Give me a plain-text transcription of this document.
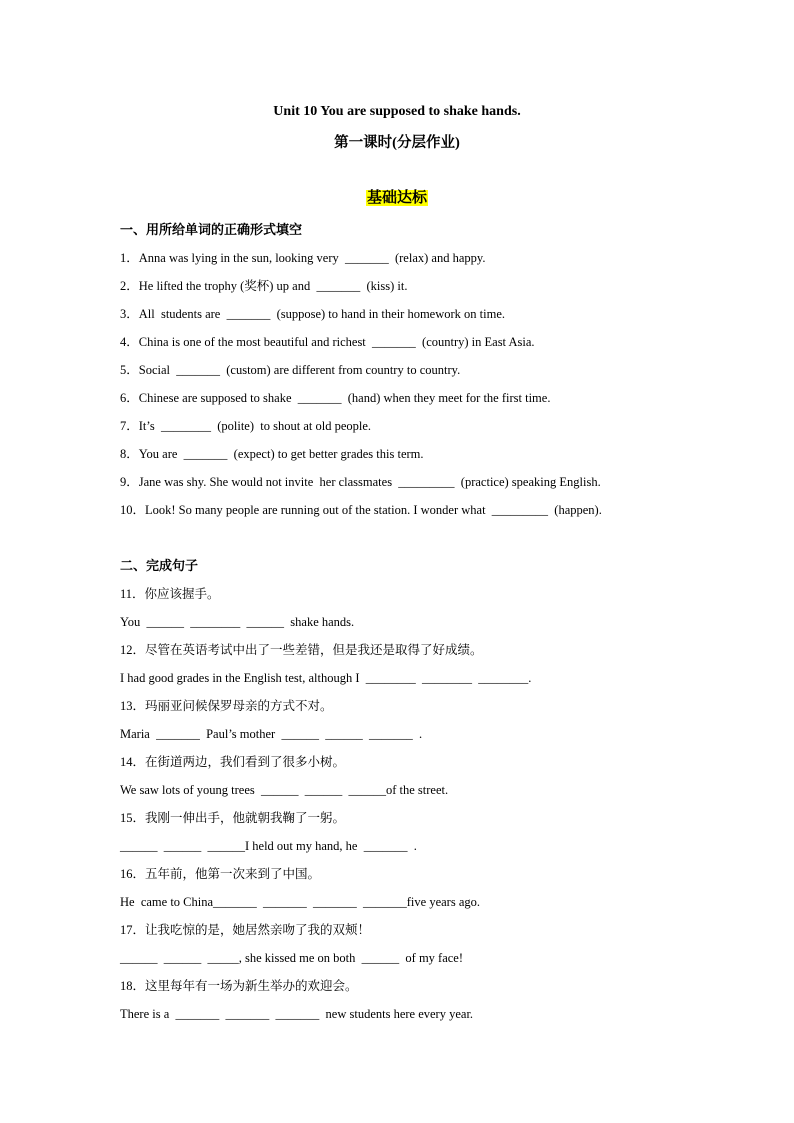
Unit 10 You are supposed to shake hands.
第一课时(分层作业)
基础达标
一、用所给单词的正确形式填空
1．Anna was lying in the sun, looking very  _______  (relax) and happy.
2．He lifted the trophy (奖杯) up and  _______  (kiss) it.
3．All  students are  _______  (suppose) to hand in their homework on time.
4．China is one of the most beautiful and richest  _______  (country) in East Asia.
5．Social  _______  (custom) are different from country to country.
6．Chinese are supposed to shake  _______  (hand) when they meet for the first time.
7．It’s  ________  (polite)  to shout at old people.
8．You are  _______  (expect) to get better grades this term.
9．Jane was shy. She would not invite  her classmates  _________  (practice) speaking English.
10．Look! So many people are running out of the station. I wonder what  _________  (happen).
二、完成句子
11．你应该握手。
You  ______  ________  ______  shake hands.
12．尽管在英语考试中出了一些差错，但是我还是取得了好成绩。
I had good grades in the English test, although I  ________  ________  ________.
13．玛丽亚问候保罗母亲的方式不对。
Maria  _______  Paul’s mother  ______  ______  _______  .
14．在街道两边，我们看到了很多小树。
We saw lots of young trees  ______  ______  ______of the street.
15．我刚一伸出手，他就朝我鞠了一躬。
______  ______  ______I held out my hand, he  _______  .
16．五年前，他第一次来到了中国。
He  came to China_______  _______  _______  _______five years ago.
17．让我吃惊的是，她居然亲吻了我的双颊！
______  ______  _____, she kissed me on both  ______  of my face!
18．这里每年有一场为新生举办的欢迎会。
There is a  _______  _______  _______  new students here every year.
